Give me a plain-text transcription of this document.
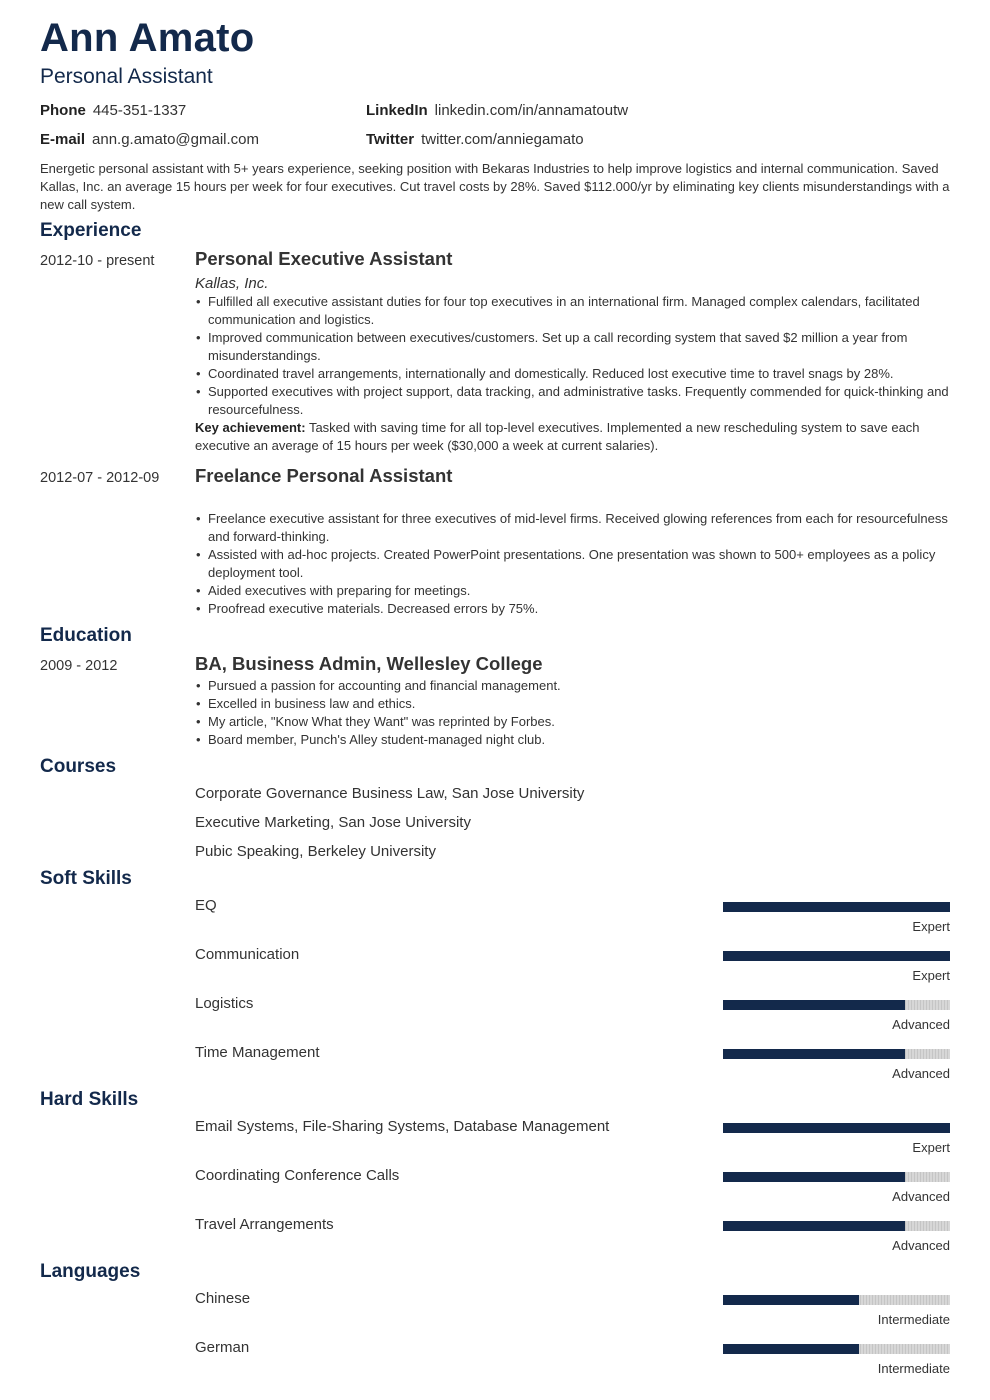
Ann Amato
Personal Assistant
Phone 445-351-1337	LinkedIn linkedin.com/in/annamatoutw
E-mail ann.g.amato@gmail.com	Twitter twitter.com/anniegamato
Energetic personal assistant with 5+ years experience, seeking position with Bekaras Industries to help improve logistics and internal communication. Saved Kallas, Inc. an average 15 hours per week for four executives. Cut travel costs by 28%. Saved $112.000/yr by eliminating key clients misunderstandings with a new call system.
Experience
2012-10 - present Personal Executive Assistant
Kallas, Inc.
• Fulfilled all executive assistant duties for four top executives in an international firm. Managed complex calendars, facilitated communication and logistics.
• Improved communication between executives/customers. Set up a call recording system that saved $2 million a year from misunderstandings.
• Coordinated travel arrangements, internationally and domestically. Reduced lost executive time to travel snags by 28%.
• Supported executives with project support, data tracking, and administrative tasks. Frequently commended for quick-thinking and resourcefulness.
Key achievement: Tasked with saving time for all top-level executives. Implemented a new rescheduling system to save each executive an average of 15 hours per week ($30,000 a week at current salaries).
2012-07 - 2012-09 Freelance Personal Assistant
• Freelance executive assistant for three executives of mid-level firms. Received glowing references from each for resourcefulness and forward-thinking.
• Assisted with ad-hoc projects. Created PowerPoint presentations. One presentation was shown to 500+ employees as a policy deployment tool.
• Aided executives with preparing for meetings.
• Proofread executive materials. Decreased errors by 75%.
Education
2009 - 2012	BA, Business Admin, Wellesley College
• Pursued a passion for accounting and financial management.
• Excelled in business law and ethics.
• My article, "Know What they Want" was reprinted by Forbes.
• Board member, Punch's Alley student-managed night club.
Courses
Corporate Governance Business Law, San Jose University
Executive Marketing, San Jose University
Pubic Speaking, Berkeley University
Soft Skills
EQ
Expert
Communication
Expert
Logistics
Advanced
Time Management
Advanced
Hard Skills
Email Systems, File-Sharing Systems, Database Management
Expert
Coordinating Conference Calls
Advanced
Travel Arrangements
Advanced
Languages
Chinese
Intermediate
German
Intermediate
